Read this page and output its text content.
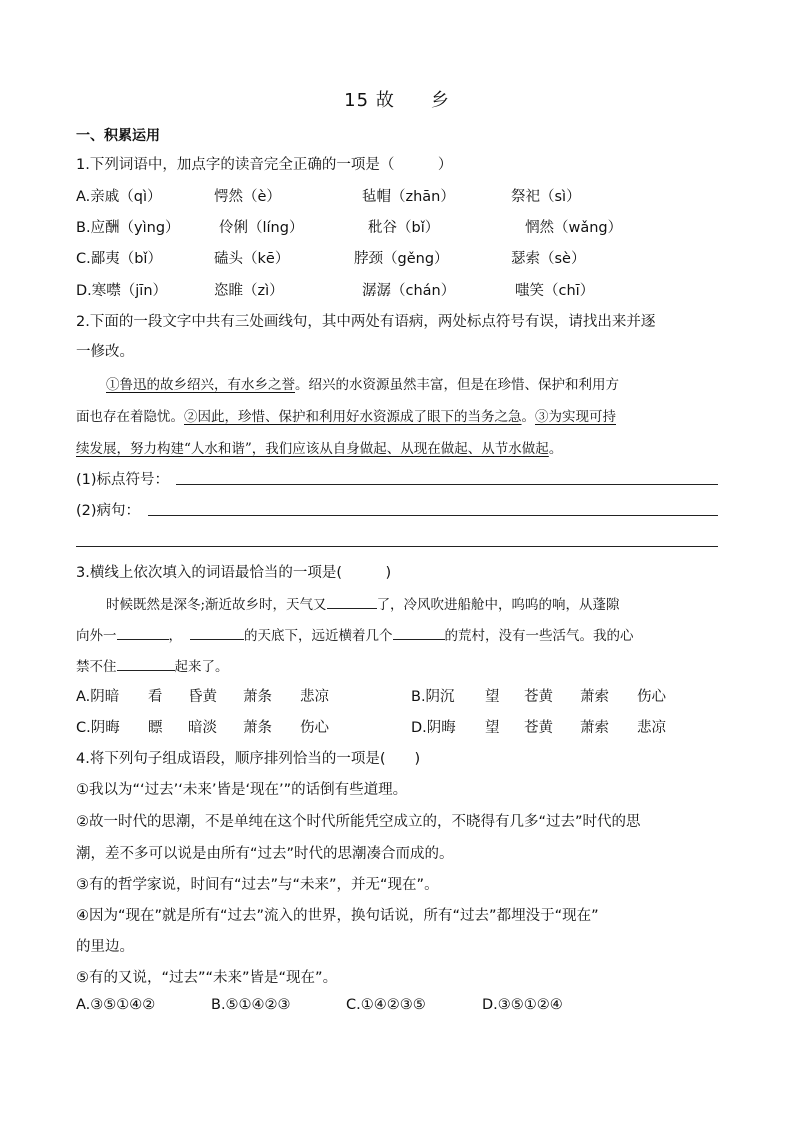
15 故 乡
一、积累运用
1.下列词语中，加点字的读音完全正确的一项是（　　　）
A.亲戚（qì）	愕然（è）	毡帽（zhān）	祭祀（sì）
B.应酬（yìng）	伶俐（líng）	秕谷（bǐ）	惘然（wǎng）
C.鄙夷（bǐ）	磕头（kē）	脖颈（gěng）	瑟索（sè）
D.寒噤（jīn）	恣睢（zì）	潺潺（chán）	嗤笑（chī）
2.下面的一段文字中共有三处画线句，其中两处有语病，两处标点符号有误，请找出来并逐
一修改。
①鲁迅的故乡绍兴，有水乡之誉。绍兴的水资源虽然丰富，但是在珍惜、保护和利用方
面也存在着隐忧。②因此，珍惜、保护和利用好水资源成了眼下的当务之急。③为实现可持
续发展，努力构建“人水和谐”，我们应该从自身做起、从现在做起、从节水做起。
(1)标点符号：
(2)病句：
3.横线上依次填入的词语最恰当的一项是(　　　)
时候既然是深冬;渐近故乡时，天气又	了，冷风吹进船舱中，呜呜的响，从蓬隙
向外一	，	的天底下，远近横着几个	的荒村，没有一些活气。我的心
禁不住	起来了。
A.阴暗 看 昏黄 萧条 悲凉	B.阴沉 望 苍黄 萧索 伤心
C.阴晦 瞟 暗淡 萧条 伤心	D.阴晦 望 苍黄 萧索 悲凉
4.将下列句子组成语段，顺序排列恰当的一项是(　　)
①我以为“‘过去’‘未来’皆是‘现在’”的话倒有些道理。
②故一时代的思潮，不是单纯在这个时代所能凭空成立的，不晓得有几多“过去”时代的思
潮，差不多可以说是由所有“过去”时代的思潮凑合而成的。
③有的哲学家说，时间有“过去”与“未来”，并无“现在”。
④因为“现在”就是所有“过去”流入的世界，换句话说，所有“过去”都埋没于“现在”
的里边。
⑤有的又说，“过去”“未来”皆是“现在”。
A.③⑤①④②	B.⑤①④②③	C.①④②③⑤	D.③⑤①②④
